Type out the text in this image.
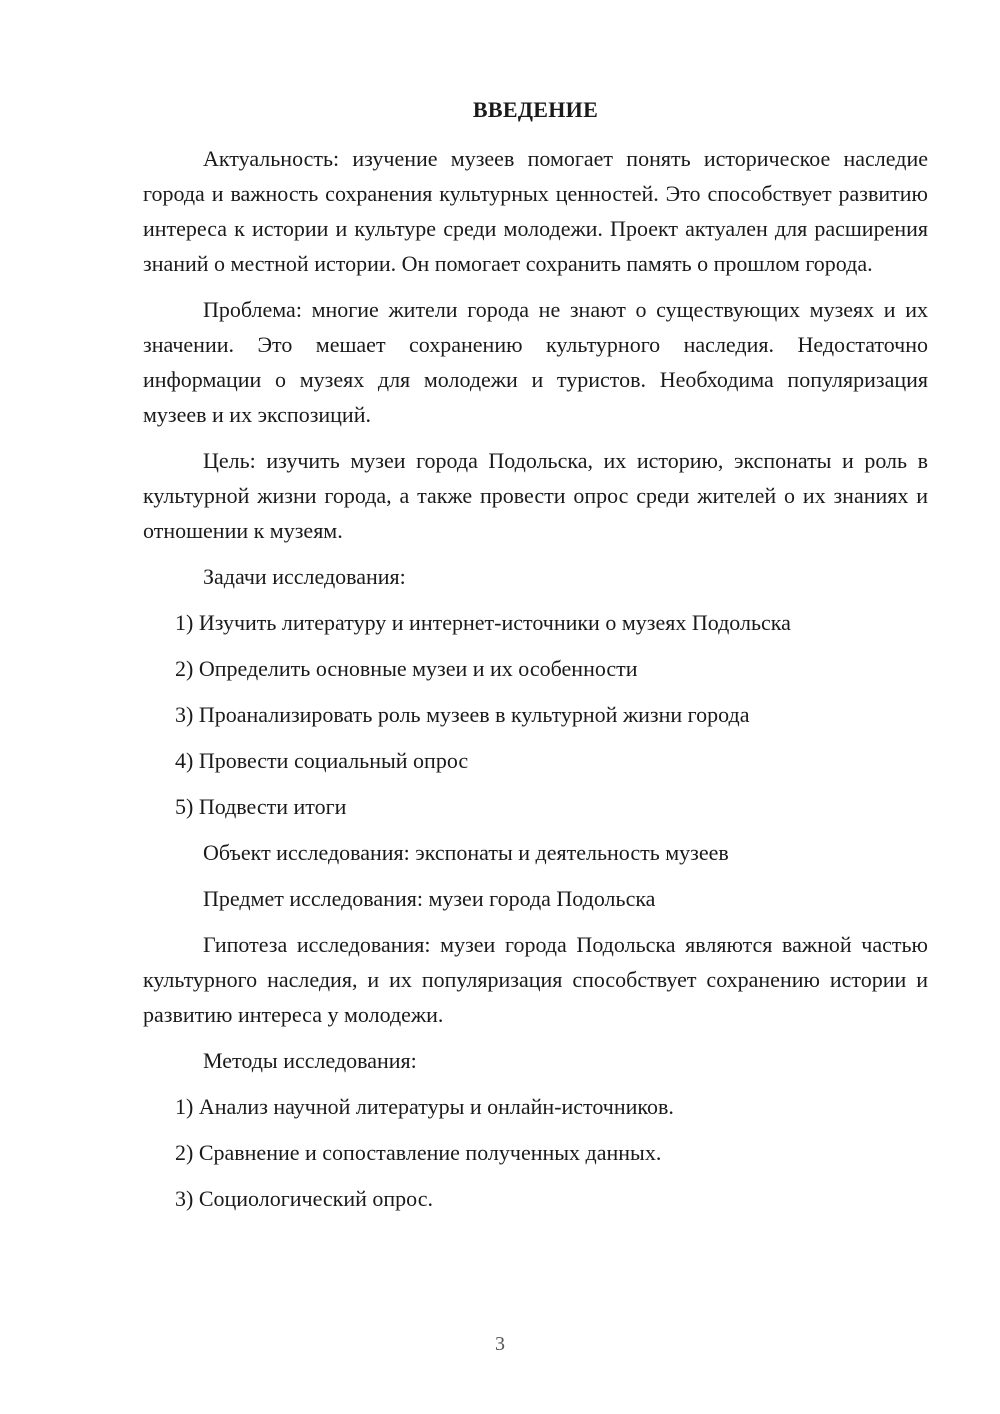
ВВЕДЕНИЕ

Актуальность: изучение музеев помогает понять историческое наследие города и важность сохранения культурных ценностей. Это способствует развитию интереса к истории и культуре среди молодежи. Проект актуален для расширения знаний о местной истории. Он помогает сохранить память о прошлом города.

Проблема: многие жители города не знают о существующих музеях и их значении. Это мешает сохранению культурного наследия. Недостаточно информации о музеях для молодежи и туристов. Необходима популяризация музеев и их экспозиций.

Цель: изучить музеи города Подольска, их историю, экспонаты и роль в культурной жизни города, а также провести опрос среди жителей о их знаниях и отношении к музеям.

Задачи исследования:
1) Изучить литературу и интернет-источники о музеях Подольска
2) Определить основные музеи и их особенности
3) Проанализировать роль музеев в культурной жизни города
4) Провести социальный опрос
5) Подвести итоги
Объект исследования: экспонаты и деятельность музеев
Предмет исследования: музеи города Подольска

Гипотеза исследования: музеи города Подольска являются важной частью культурного наследия, и их популяризация способствует сохранению истории и развитию интереса у молодежи.

Методы исследования:
1) Анализ научной литературы и онлайн-источников.
2) Сравнение и сопоставление полученных данных.
3) Социологический опрос.
3
